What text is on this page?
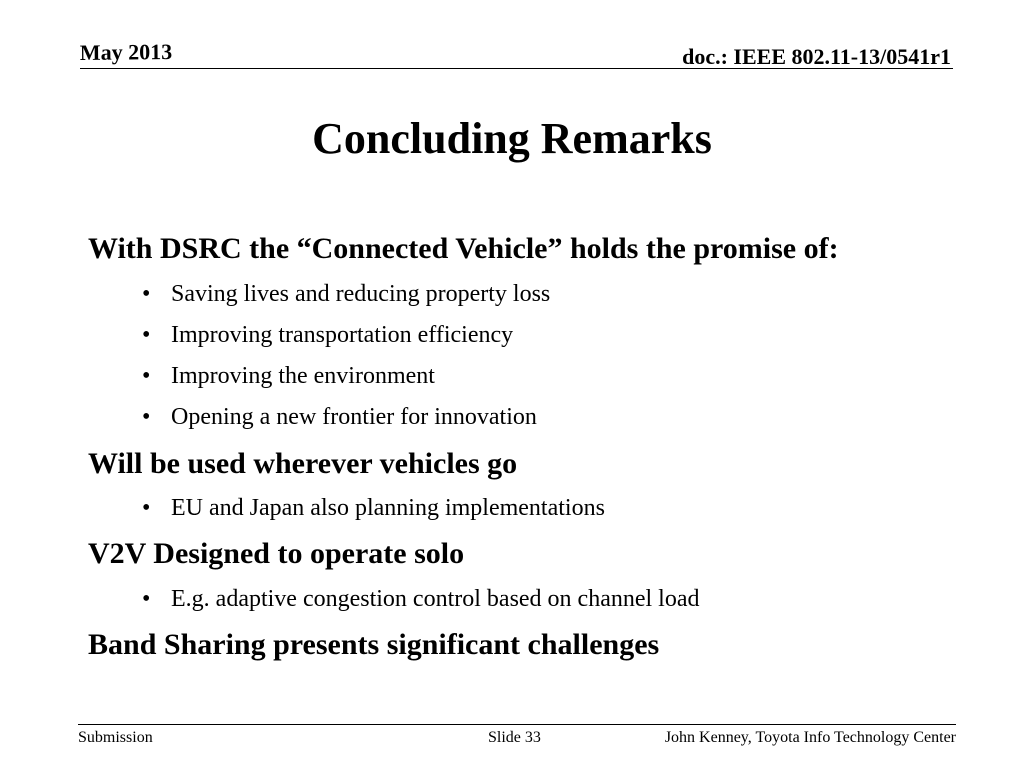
May 2013	doc.: IEEE 802.11-13/0541r1
Concluding Remarks
With DSRC the “Connected Vehicle” holds the promise of:
• Saving lives and reducing property loss
• Improving transportation efficiency
• Improving the environment
• Opening a new frontier for innovation
Will be used wherever vehicles go
• EU and Japan also planning implementations
V2V Designed to operate solo
• E.g. adaptive congestion control based on channel load
Band Sharing presents significant challenges
Submission	Slide 33	John Kenney, Toyota Info Technology Center
